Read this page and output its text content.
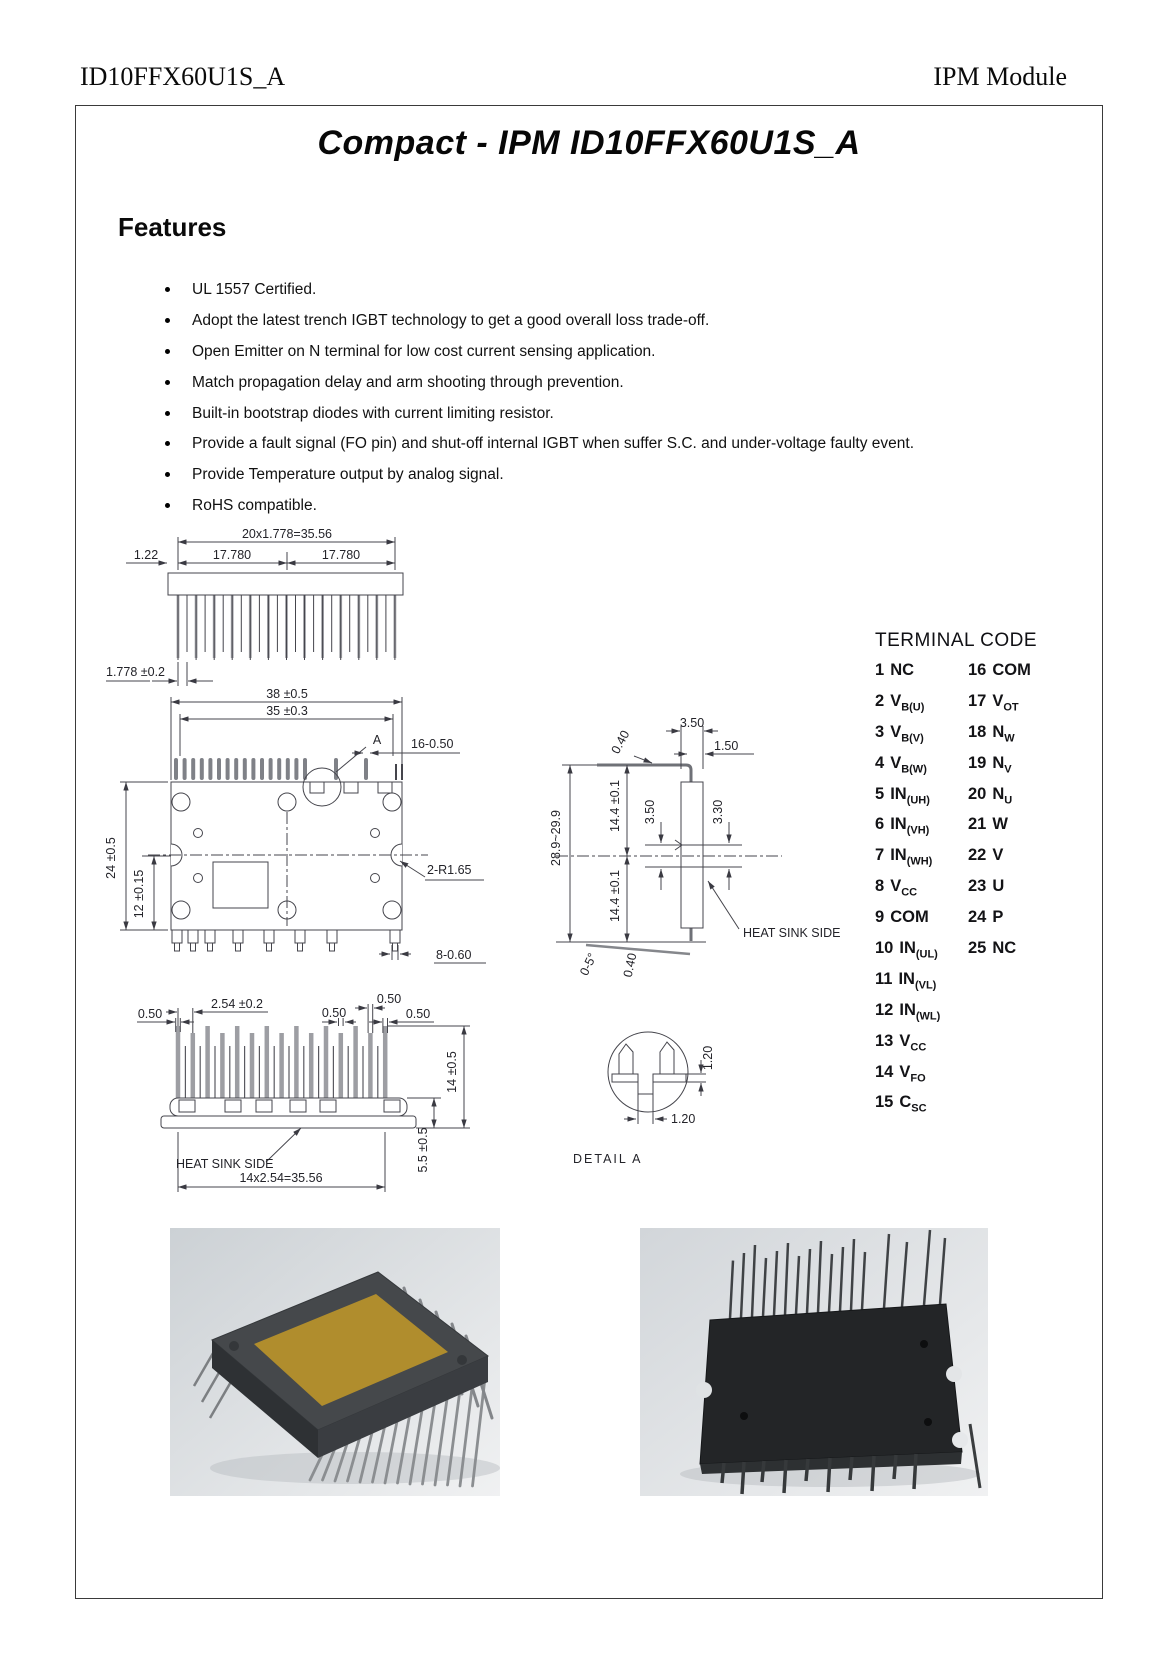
ID10FFX60U1S_A	IPM Module
Compact - IPM ID10FFX60U1S_A
Features
UL 1557 Certified.
Adopt the latest trench IGBT technology to get a good overall loss trade-off.
Open Emitter on N terminal for low cost current sensing application.
Match propagation delay and arm shooting through prevention.
Built-in bootstrap diodes with current limiting resistor.
Provide a fault signal (FO pin) and shut-off internal IGBT when suffer S.C. and under-voltage faulty event.
Provide Temperature output by analog signal.
RoHS compatible.
TERMINAL CODE
1 NC
2 $V_{B(U)}$
3 $V_{B(V)}$
4 $V_{B(W)}$
5 $IN_{(UH)}$
6 $IN_{(VH)}$
7 $IN_{(WH)}$
8 $V_{CC}$
9 COM
10 $IN_{(UL)}$
11 $IN_{(VL)}$
12 $IN_{(WL)}$
13 $V_{CC}$
14 $V_{FO}$
15 $C_{SC}$
16 COM
17 $V_{OT}$
18 $N_W$
19 $N_V$
20 $N_U$
21 W
22 V
23 U
24 P
25 NC
20x1.778=35.56
17.780	17.780
1.22
1.778 ±0.2
38 ±0.5
35 ±0.3
A 16-0.50
24 ±0.5
12 ±0.15	2-R1.65
8-0.60
3.50
1.50
0.40
28.9~29.9
14.4 ±0.1
14.4 ±0.1
3.50	3.30
0-5° 0.40
HEAT SINK SIDE
0.50
2.54 ±0.2
0.50
0.50
0.50
14 ±0.5
5.5 ±0.5
HEAT SINK SIDE
14x2.54=35.56
1.20
1.20
DETAIL A
